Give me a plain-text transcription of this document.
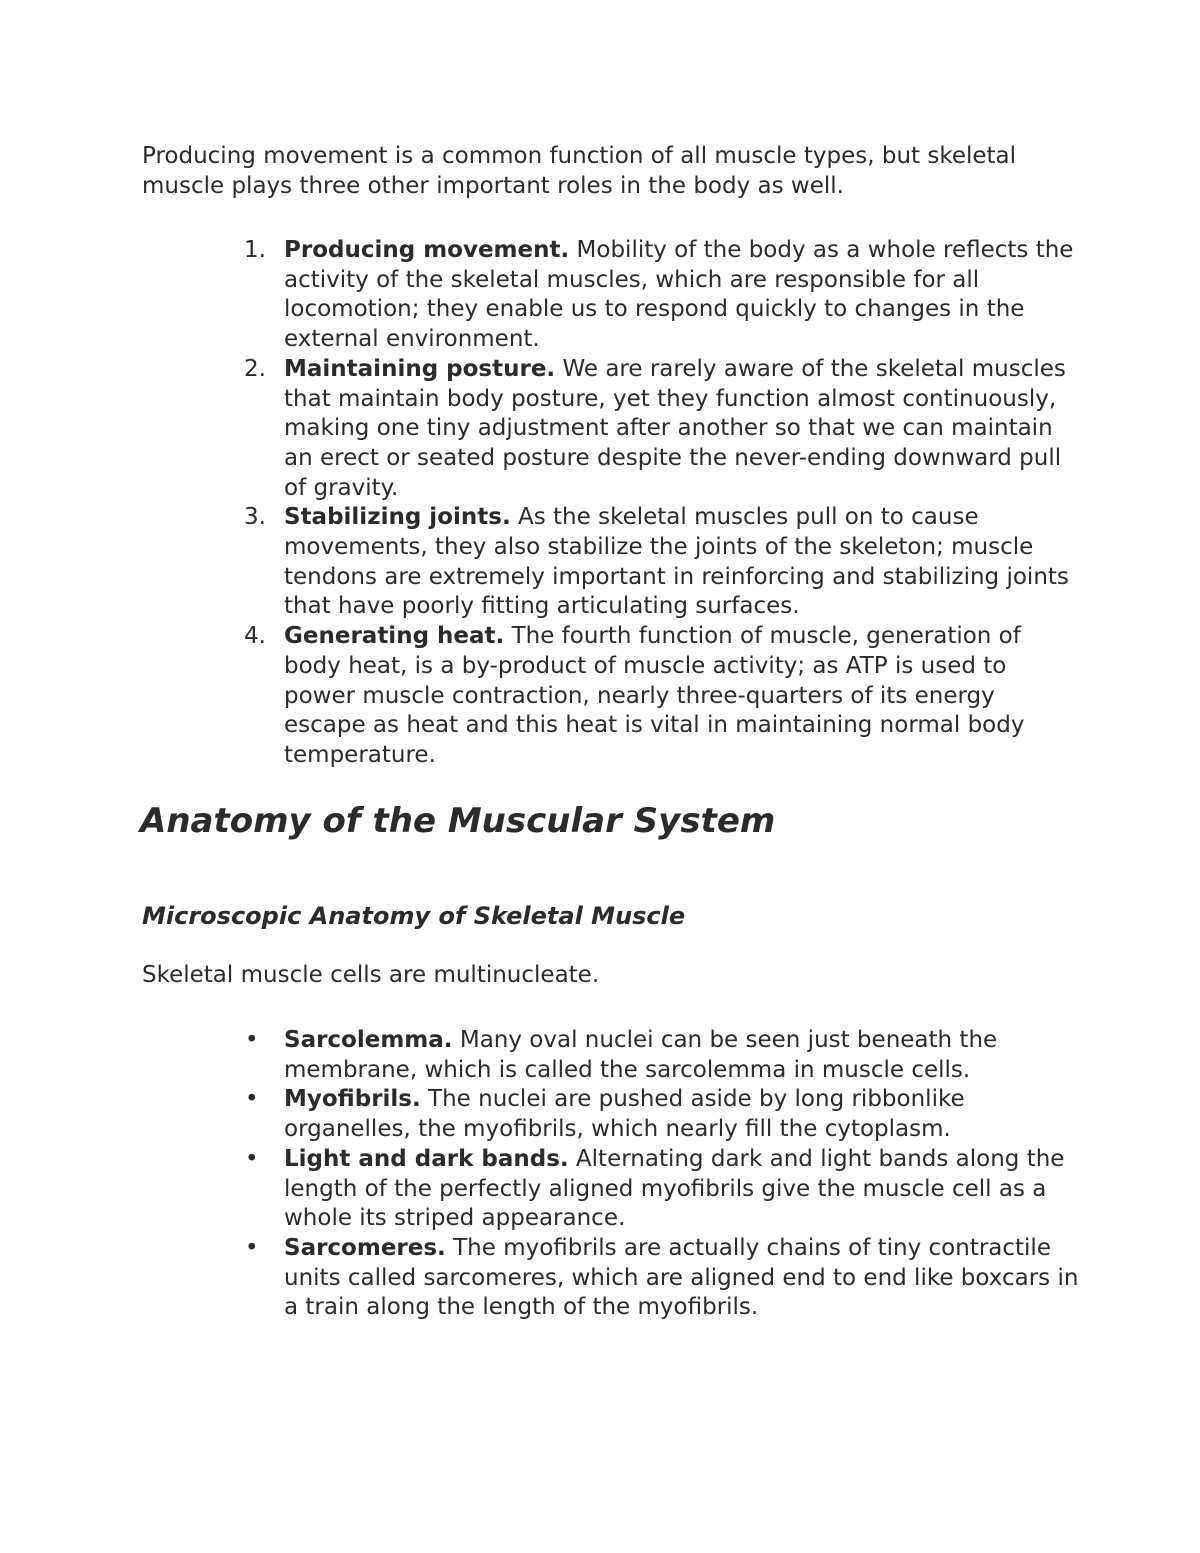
Producing movement is a common function of all muscle types, but skeletal muscle plays three other important roles in the body as well.

1. Producing movement. Mobility of the body as a whole reflects the activity of the skeletal muscles, which are responsible for all locomotion; they enable us to respond quickly to changes in the external environment.
2. Maintaining posture. We are rarely aware of the skeletal muscles that maintain body posture, yet they function almost continuously, making one tiny adjustment after another so that we can maintain an erect or seated posture despite the never-ending downward pull of gravity.
3. Stabilizing joints. As the skeletal muscles pull on to cause movements, they also stabilize the joints of the skeleton; muscle tendons are extremely important in reinforcing and stabilizing joints that have poorly fitting articulating surfaces.
4. Generating heat. The fourth function of muscle, generation of body heat, is a by-product of muscle activity; as ATP is used to power muscle contraction, nearly three-quarters of its energy escape as heat and this heat is vital in maintaining normal body temperature.
Anatomy of the Muscular System
Microscopic Anatomy of Skeletal Muscle

Skeletal muscle cells are multinucleate.

• Sarcolemma. Many oval nuclei can be seen just beneath the membrane, which is called the sarcolemma in muscle cells.
• Myofibrils. The nuclei are pushed aside by long ribbonlike organelles, the myofibrils, which nearly fill the cytoplasm.
• Light and dark bands. Alternating dark and light bands along the length of the perfectly aligned myofibrils give the muscle cell as a whole its striped appearance.
• Sarcomeres. The myofibrils are actually chains of tiny contractile units called sarcomeres, which are aligned end to end like boxcars in a train along the length of the myofibrils.
